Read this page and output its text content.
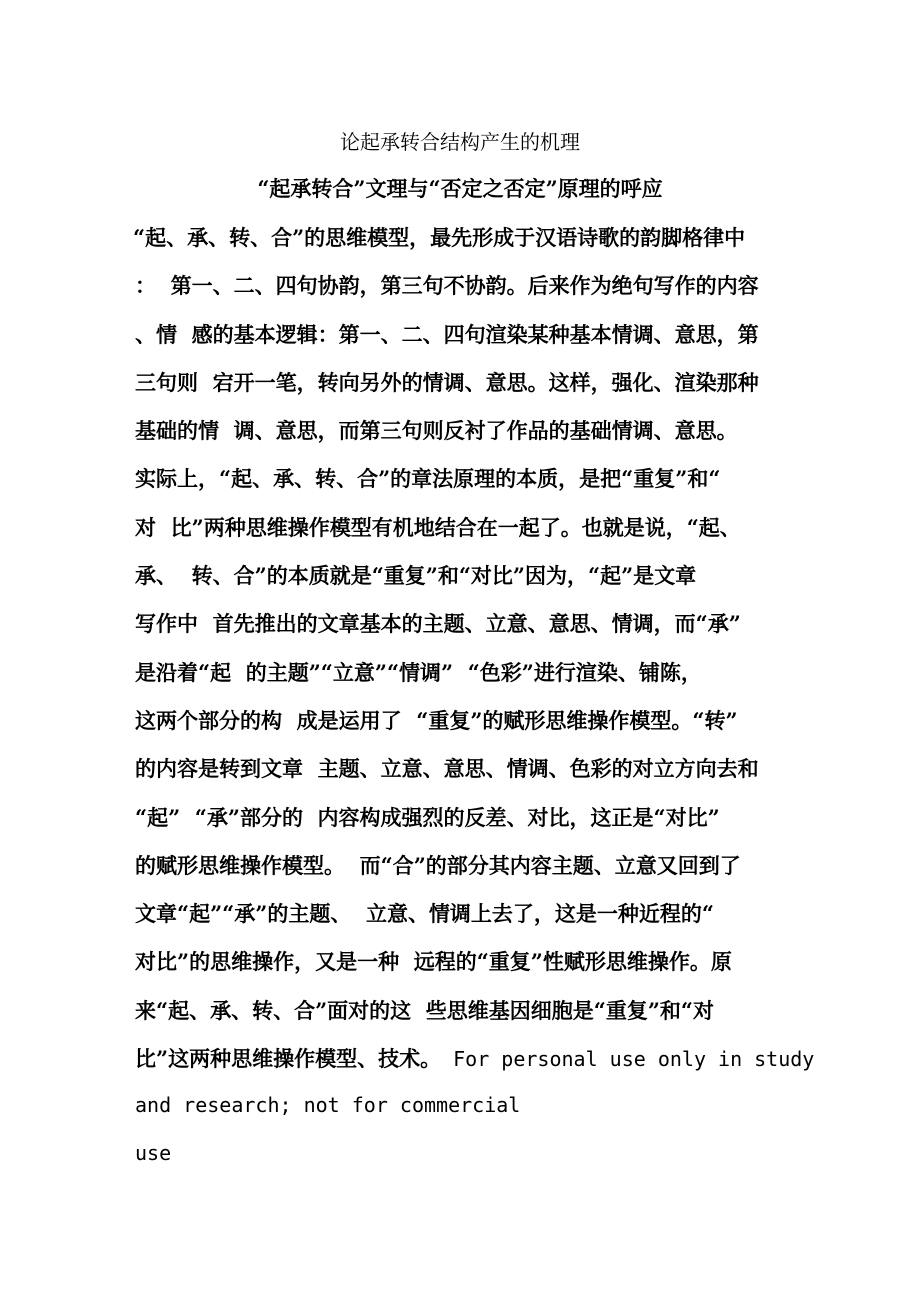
论起承转合结构产生的机理
“起承转合”文理与“否定之否定”原理的呼应
“起、承、转、合”的思维模型，最先形成于汉语诗歌的韵脚格律中
：  第一、二、四句协韵，第三句不协韵。后来作为绝句写作的内容
、情  感的基本逻辑：第一、二、四句渲染某种基本情调、意思，第
三句则  宕开一笔，转向另外的情调、意思。这样，强化、渲染那种
基础的情  调、意思，而第三句则反衬了作品的基础情调、意思。
实际上，“起、承、转、合”的章法原理的本质，是把“重复”和“
对  比”两种思维操作模型有机地结合在一起了。也就是说，“起、
承、  转、合”的本质就是“重复”和“对比”因为，“起”是文章
写作中  首先推出的文章基本的主题、立意、意思、情调，而“承”
是沿着“起  的主题”“立意”“情调”  “色彩”进行渲染、铺陈，
这两个部分的构  成是运用了  “重复”的赋形思维操作模型。“转”
的内容是转到文章  主题、立意、意思、情调、色彩的对立方向去和
“起”  “承”部分的  内容构成强烈的反差、对比，这正是“对比”
的赋形思维操作模型。  而“合”的部分其内容主题、立意又回到了
文章“起”“承”的主题、  立意、情调上去了，这是一种近程的“
对比”的思维操作，又是一种  远程的“重复”性赋形思维操作。原
来“起、承、转、合”面对的这  些思维基因细胞是“重复”和“对
比”这两种思维操作模型、技术。 For personal use only in study
and research; not for commercial
use
